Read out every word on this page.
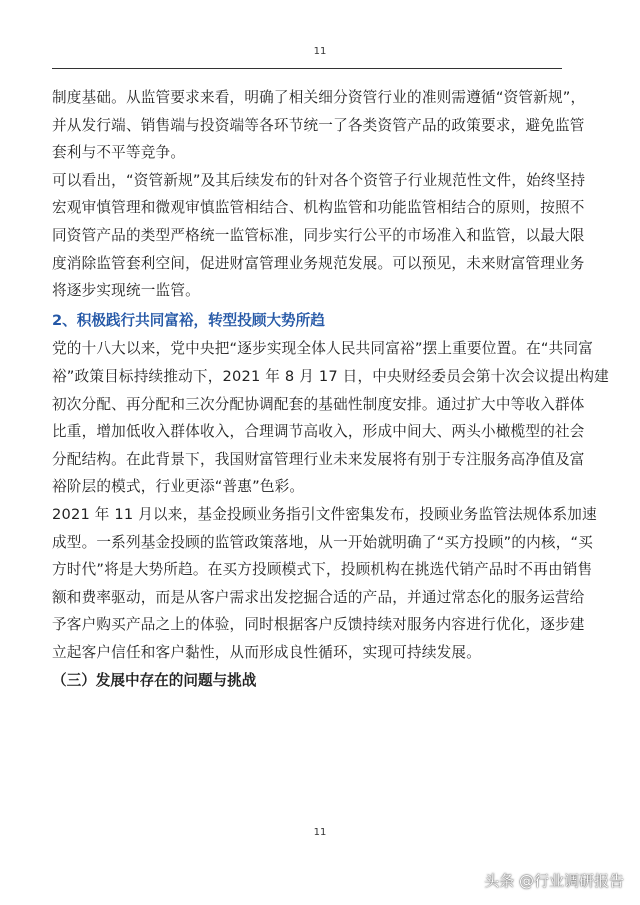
11

制度基础。从监管要求来看，明确了相关细分资管行业的准则需遵循“资管新规”，
并从发行端、销售端与投资端等各环节统一了各类资管产品的政策要求，避免监管
套利与不平等竞争。

可以看出，“资管新规”及其后续发布的针对各个资管子行业规范性文件，始终坚持
宏观审慎管理和微观审慎监管相结合、机构监管和功能监管相结合的原则，按照不
同资管产品的类型严格统一监管标准，同步实行公平的市场准入和监管，以最大限
度消除监管套利空间，促进财富管理业务规范发展。可以预见，未来财富管理业务
将逐步实现统一监管。

2、积极践行共同富裕，转型投顾大势所趋

党的十八大以来，党中央把“逐步实现全体人民共同富裕”摆上重要位置。在“共同富
裕”政策目标持续推动下，2021 年 8 月 17 日，中央财经委员会第十次会议提出构建
初次分配、再分配和三次分配协调配套的基础性制度安排。通过扩大中等收入群体
比重，增加低收入群体收入，合理调节高收入，形成中间大、两头小橄榄型的社会
分配结构。在此背景下，我国财富管理行业未来发展将有别于专注服务高净值及富
裕阶层的模式，行业更添“普惠”色彩。

2021 年 11 月以来，基金投顾业务指引文件密集发布，投顾业务监管法规体系加速
成型。一系列基金投顾的监管政策落地，从一开始就明确了“买方投顾”的内核，“买
方时代”将是大势所趋。在买方投顾模式下，投顾机构在挑选代销产品时不再由销售
额和费率驱动，而是从客户需求出发挖掘合适的产品，并通过常态化的服务运营给
予客户购买产品之上的体验，同时根据客户反馈持续对服务内容进行优化，逐步建
立起客户信任和客户黏性，从而形成良性循环，实现可持续发展。

（三）发展中存在的问题与挑战
11
头条 @行业调研报告
